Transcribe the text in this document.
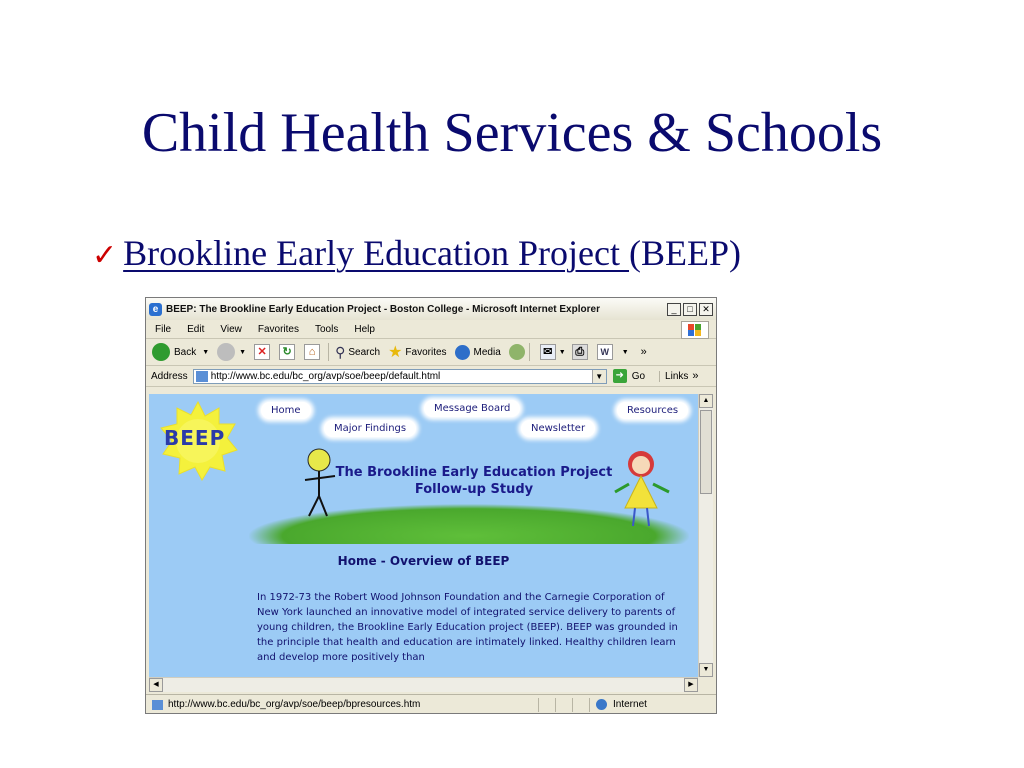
Child Health Services & Schools
✓ Brookline Early Education Project (BEEP)
e BEEP: The Brookline Early Education Project - Boston College - Microsoft Internet Explorer	_	□	✕
File Edit View Favorites Tools Help
Back ▼	▼	✕	↻	⌂	⚲ Search ★ Favorites	Media	✉ ▼ ⎙	W	▼ »
Address http://www.bc.edu/bc_org/avp/soe/beep/default.html	▼ ➜ Go	Links »
BEEP
Home
Major Findings
Message Board
Newsletter
Resources
The Brookline Early Education Project
Follow-up Study
Home - Overview of BEEP
In 1972-73 the Robert Wood Johnson Foundation and the Carnegie Corporation of New York launched an innovative model of integrated service delivery to parents of young children, the Brookline Early Education project (BEEP). BEEP was grounded in the principle that health and education are intimately linked. Healthy children learn and develop more positively than
▲
▼
◀	▶
http://www.bc.edu/bc_org/avp/soe/beep/bpresources.htm	Internet
